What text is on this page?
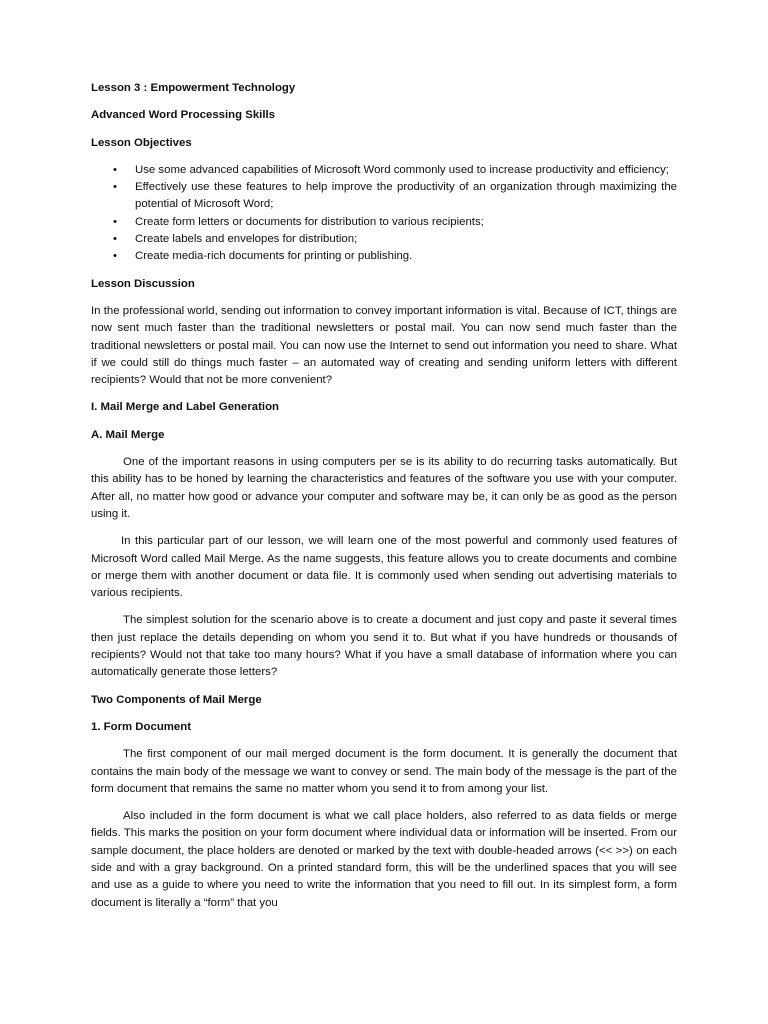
Lesson 3 : Empowerment Technology
Advanced Word Processing Skills
Lesson Objectives
• Use some advanced capabilities of Microsoft Word commonly used to increase productivity and efficiency;
• Effectively use these features to help improve the productivity of an organization through maximizing the potential of Microsoft Word;
• Create form letters or documents for distribution to various recipients;
• Create labels and envelopes for distribution;
• Create media-rich documents for printing or publishing.
Lesson Discussion

In the professional world, sending out information to convey important information is vital. Because of ICT, things are now sent much faster than the traditional newsletters or postal mail. You can now send much faster than the traditional newsletters or postal mail. You can now use the Internet to send out information you need to share. What if we could still do things much faster – an automated way of creating and sending uniform letters with different recipients? Would that not be more convenient?

I. Mail Merge and Label Generation
A. Mail Merge

One of the important reasons in using computers per se is its ability to do recurring tasks automatically. But this ability has to be honed by learning the characteristics and features of the software you use with your computer. After all, no matter how good or advance your computer and software may be, it can only be as good as the person using it.

In this particular part of our lesson, we will learn one of the most powerful and commonly used features of Microsoft Word called Mail Merge. As the name suggests, this feature allows you to create documents and combine or merge them with another document or data file. It is commonly used when sending out advertising materials to various recipients.

The simplest solution for the scenario above is to create a document and just copy and paste it several times then just replace the details depending on whom you send it to. But what if you have hundreds or thousands of recipients? Would not that take too many hours? What if you have a small database of information where you can automatically generate those letters?

Two Components of Mail Merge
1. Form Document

The first component of our mail merged document is the form document. It is generally the document that contains the main body of the message we want to convey or send. The main body of the message is the part of the form document that remains the same no matter whom you send it to from among your list.

Also included in the form document is what we call place holders, also referred to as data fields or merge fields. This marks the position on your form document where individual data or information will be inserted. From our sample document, the place holders are denoted or marked by the text with double-headed arrows (<< >>) on each side and with a gray background. On a printed standard form, this will be the underlined spaces that you will see and use as a guide to where you need to write the information that you need to fill out. In its simplest form, a form document is literally a “form” that you
